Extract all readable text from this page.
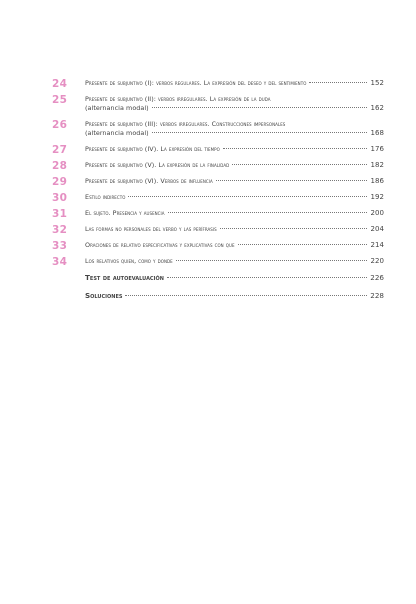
24	Presente de subjuntivo (I): verbos regulares. La expresión del deseo y del sentimiento	152
25	Presente de subjuntivo (II): verbos irregulares. La expresión de la duda
(alternancia modal)	162
26	Presente de subjuntivo (III): verbos irregulares. Construcciones impersonales
(alternancia modal)	168
27	Presente de subjuntivo (IV). La expresión del tiempo	176
28	Presente de subjuntivo (V). La expresión de la finalidad	182
29	Presente de subjuntivo (VI). Verbos de influencia	186
30	Estilo indirecto	192
31	El sujeto. Presencia y ausencia	200
32	Las formas no personales del verbo y las perífrasis	204
33	Oraciones de relativo especificativas y explicativas con que	214
34	Los relativos quien, como y donde	220
Test de autoevaluación	226
Soluciones	228
